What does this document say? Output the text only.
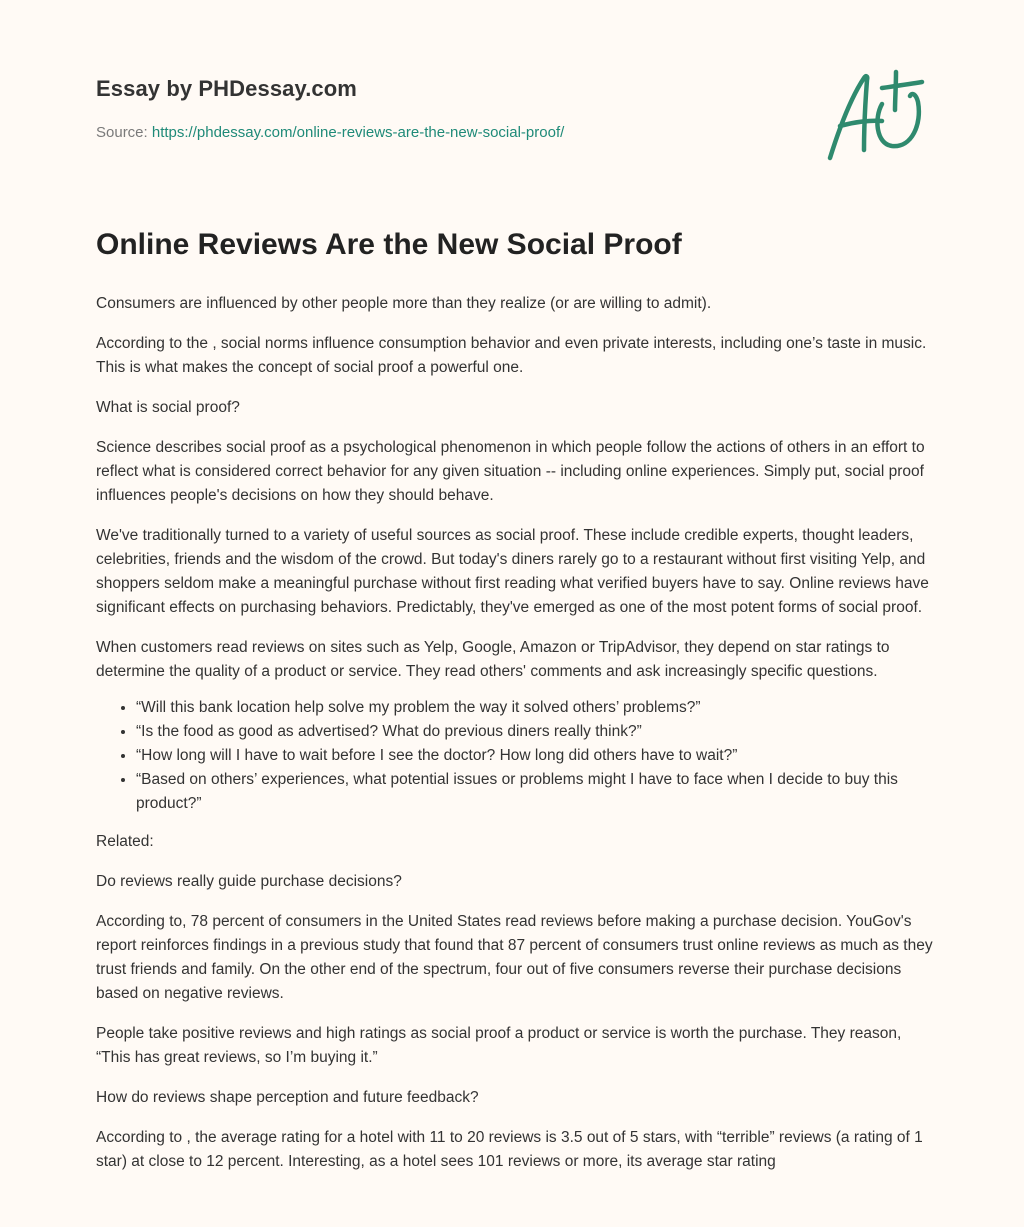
Essay by PHDessay.com
Source: https://phdessay.com/online-reviews-are-the-new-social-proof/
Online Reviews Are the New Social Proof

Consumers are influenced by other people more than they realize (or are willing to admit).

According to the , social norms influence consumption behavior and even private interests, including one’s taste in music. This is what makes the concept of social proof a powerful one.

What is social proof?

Science describes social proof as a psychological phenomenon in which people follow the actions of others in an effort to reflect what is considered correct behavior for any given situation -- including online experiences. Simply put, social proof influences people's decisions on how they should behave.

We've traditionally turned to a variety of useful sources as social proof. These include credible experts, thought leaders, celebrities, friends and the wisdom of the crowd. But today's diners rarely go to a restaurant without first visiting Yelp, and shoppers seldom make a meaningful purchase without first reading what verified buyers have to say. Online reviews have significant effects on purchasing behaviors. Predictably, they've emerged as one of the most potent forms of social proof.

When customers read reviews on sites such as Yelp, Google, Amazon or TripAdvisor, they depend on star ratings to determine the quality of a product or service. They read others' comments and ask increasingly specific questions.

• “Will this bank location help solve my problem the way it solved others’ problems?”
• “Is the food as good as advertised? What do previous diners really think?”
• “How long will I have to wait before I see the doctor? How long did others have to wait?”
• “Based on others’ experiences, what potential issues or problems might I have to face when I decide to buy this product?”

Related:

Do reviews really guide purchase decisions?

According to, 78 percent of consumers in the United States read reviews before making a purchase decision. YouGov's report reinforces findings in a previous study that found that 87 percent of consumers trust online reviews as much as they trust friends and family. On the other end of the spectrum, four out of five consumers reverse their purchase decisions based on negative reviews.

People take positive reviews and high ratings as social proof a product or service is worth the purchase. They reason, “This has great reviews, so I’m buying it.”

How do reviews shape perception and future feedback?

According to , the average rating for a hotel with 11 to 20 reviews is 3.5 out of 5 stars, with “terrible” reviews (a rating of 1 star) at close to 12 percent. Interesting, as a hotel sees 101 reviews or more, its average star rating
